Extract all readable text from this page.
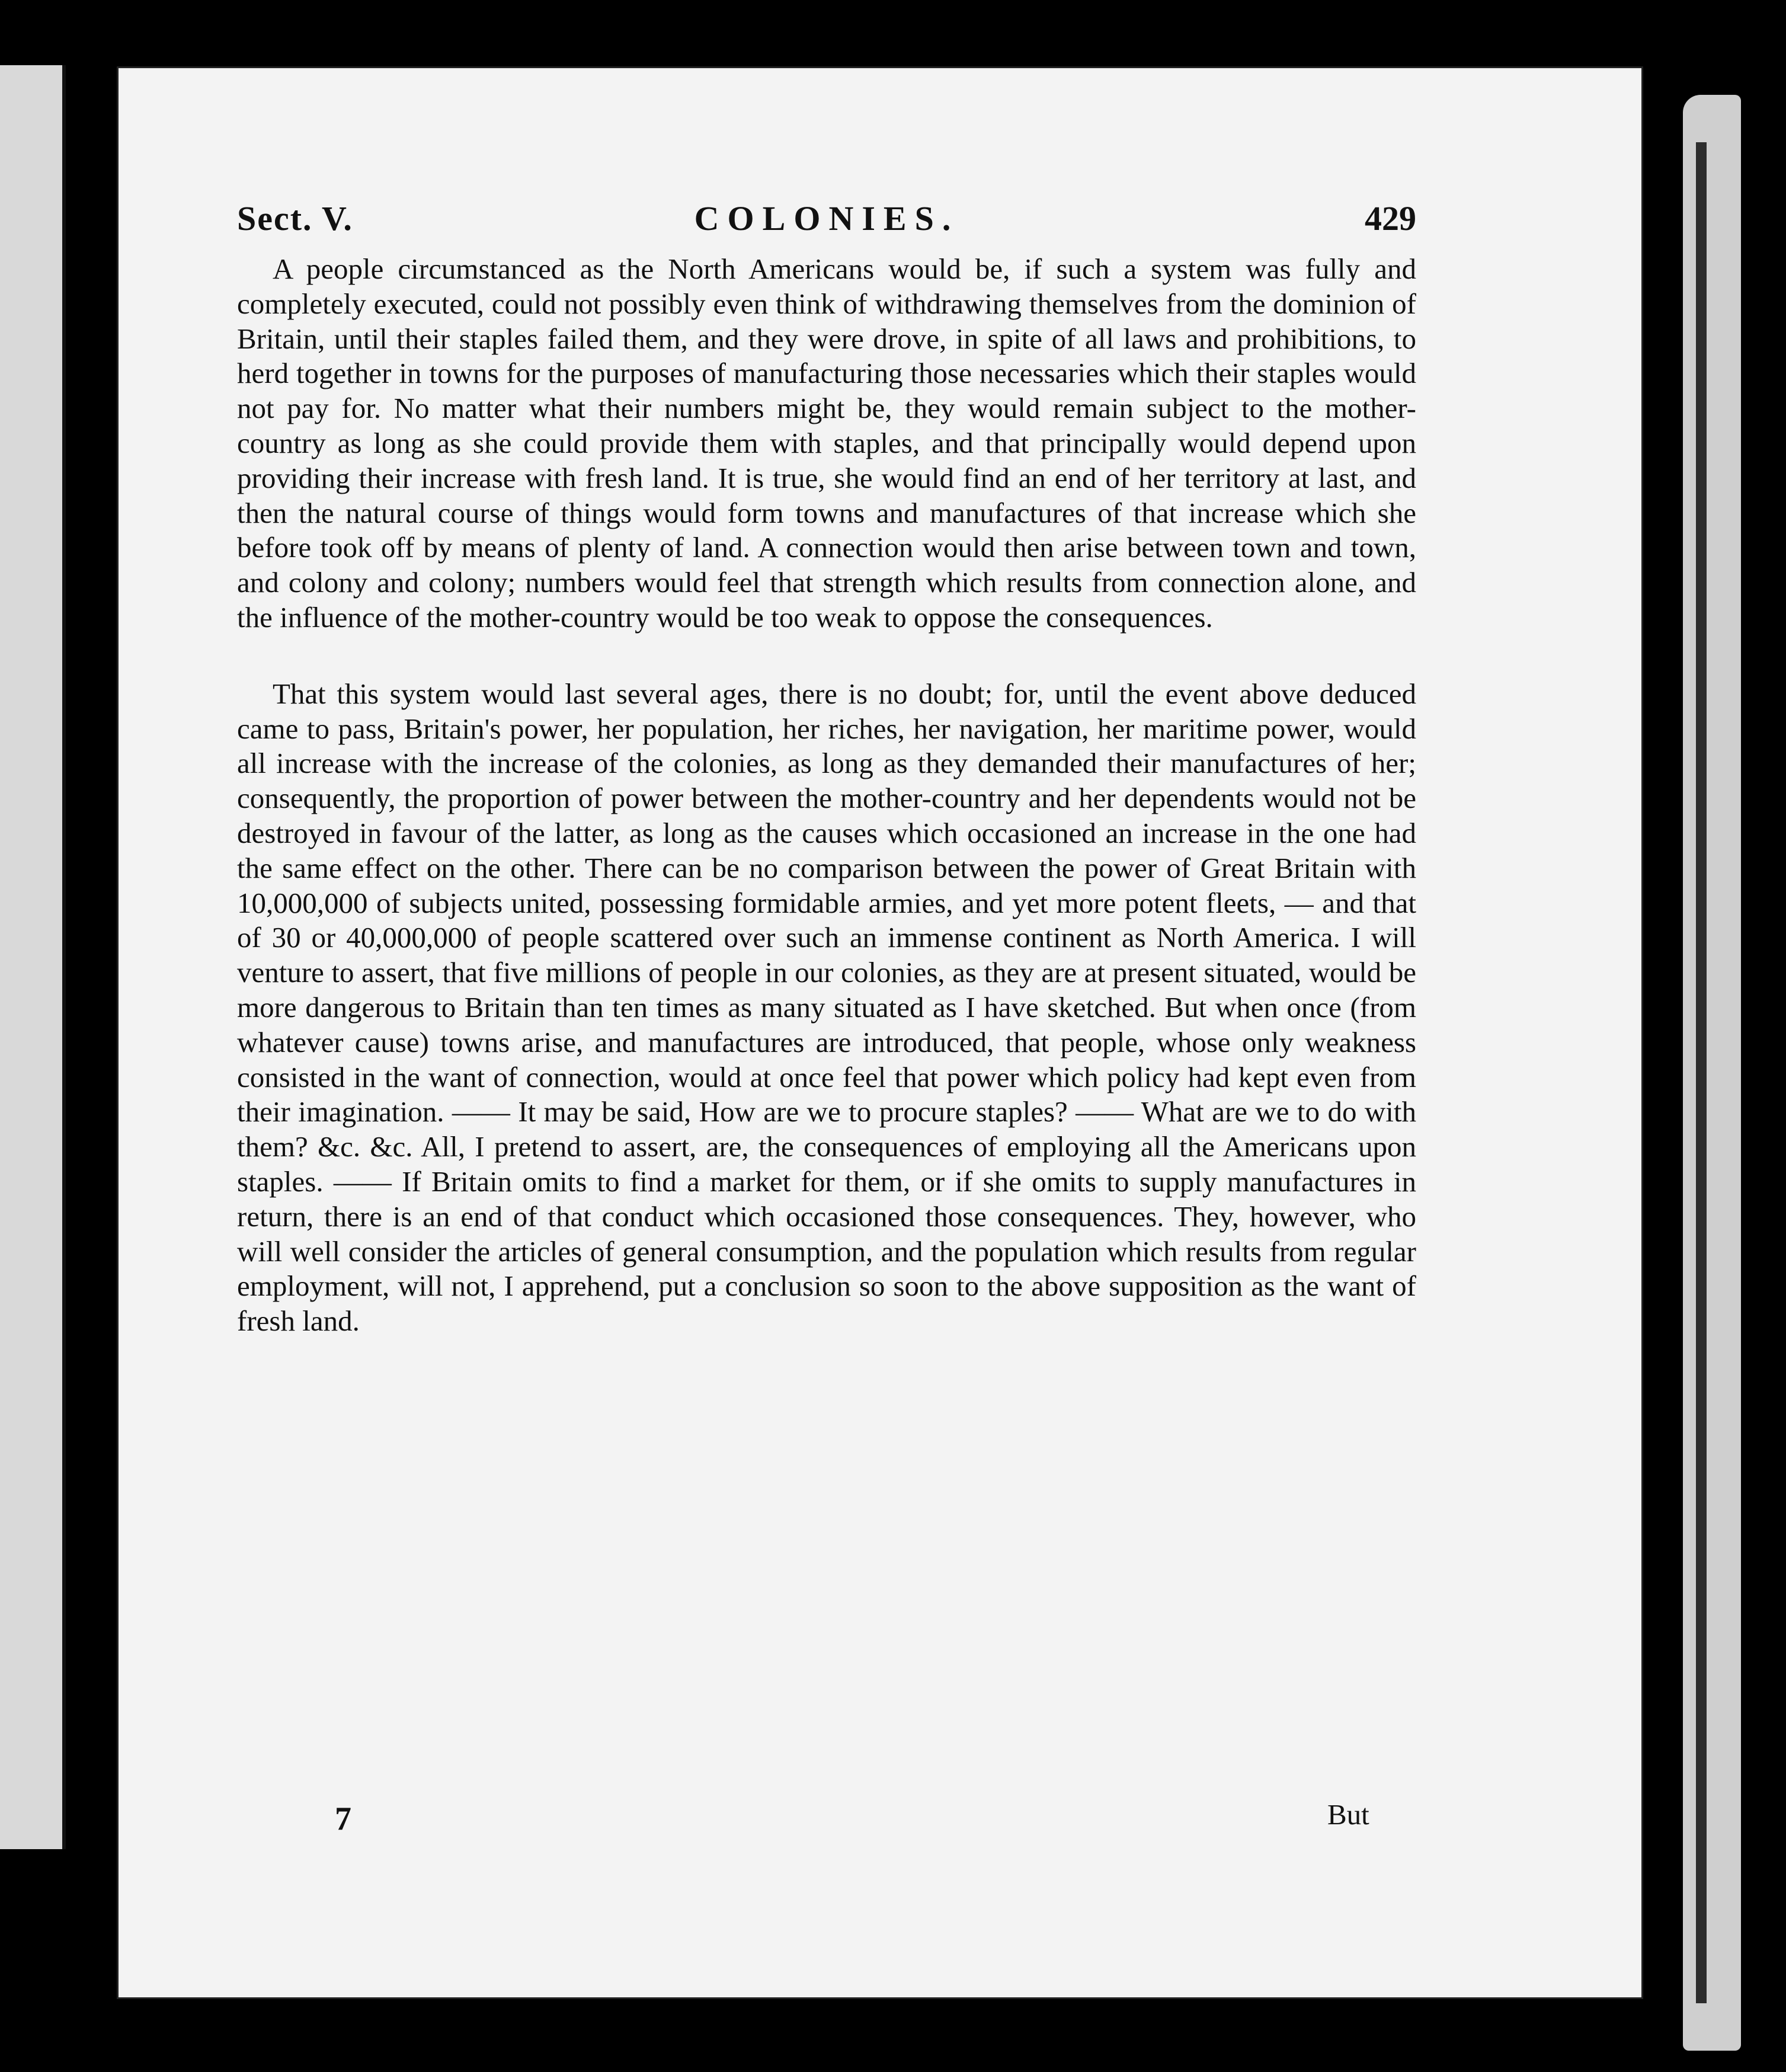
Sect. V.	COLONIES.	429

A people circumstanced as the North Americans would be, if such a system was fully and completely executed, could not possibly even think of withdrawing themselves from the dominion of Britain, until their staples failed them, and they were drove, in spite of all laws and prohibitions, to herd together in towns for the purposes of manufacturing those necessaries which their staples would not pay for. No matter what their numbers might be, they would remain subject to the mother-country as long as she could provide them with staples, and that principally would depend upon providing their increase with fresh land. It is true, she would find an end of her territory at last, and then the natural course of things would form towns and manufactures of that increase which she before took off by means of plenty of land. A connection would then arise between town and town, and colony and colony; numbers would feel that strength which results from connection alone, and the influence of the mother-country would be too weak to oppose the consequences.

That this system would last several ages, there is no doubt; for, until the event above deduced came to pass, Britain's power, her population, her riches, her navigation, her maritime power, would all increase with the increase of the colonies, as long as they demanded their manufactures of her; consequently, the proportion of power between the mother-country and her dependents would not be destroyed in favour of the latter, as long as the causes which occasioned an increase in the one had the same effect on the other. There can be no comparison between the power of Great Britain with 10,000,000 of subjects united, possessing formidable armies, and yet more potent fleets, — and that of 30 or 40,000,000 of people scattered over such an immense continent as North America. I will venture to assert, that five millions of people in our colonies, as they are at present situated, would be more dangerous to Britain than ten times as many situated as I have sketched. But when once (from whatever cause) towns arise, and manufactures are introduced, that people, whose only weakness consisted in the want of connection, would at once feel that power which policy had kept even from their imagination. —— It may be said, How are we to procure staples? —— What are we to do with them? &c. &c. All, I pretend to assert, are, the consequences of employing all the Americans upon staples. —— If Britain omits to find a market for them, or if she omits to supply manufactures in return, there is an end of that conduct which occasioned those consequences. They, however, who will well consider the articles of general consumption, and the population which results from regular employment, will not, I apprehend, put a conclusion so soon to the above supposition as the want of fresh land.

7	But
